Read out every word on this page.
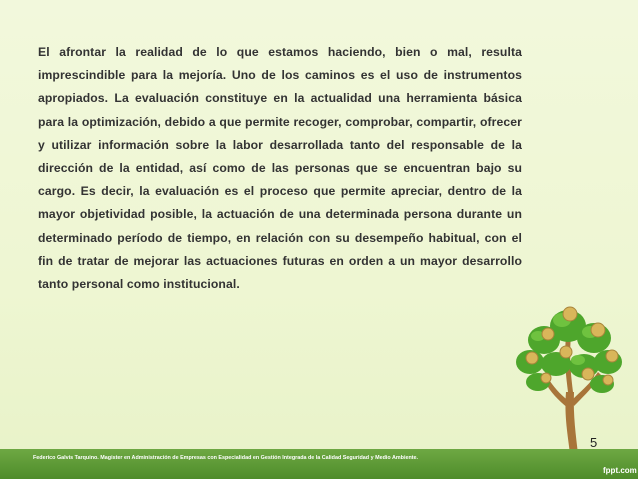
El afrontar la realidad de lo que estamos haciendo, bien o mal, resulta imprescindible para la mejoría. Uno de los caminos es el uso de instrumentos apropiados. La evaluación constituye en la actualidad una herramienta básica para la optimización, debido a que permite recoger, comprobar, compartir, ofrecer y utilizar información sobre la labor desarrollada tanto del responsable de la dirección de la entidad, así como de las personas que se encuentran bajo su cargo. Es decir, la evaluación es el proceso que permite apreciar, dentro de la mayor objetividad posible, la actuación de una determinada persona durante un determinado período de tiempo, en relación con su desempeño habitual, con el fin de tratar de mejorar las actuaciones futuras en orden a un mayor desarrollo tanto personal como institucional.

Federico Galvis Tarquino. Magister en Administración de Empresas con Especialidad en Gestión Integrada de la Calidad Seguridad y Medio Ambiente.
5
fppt.com
